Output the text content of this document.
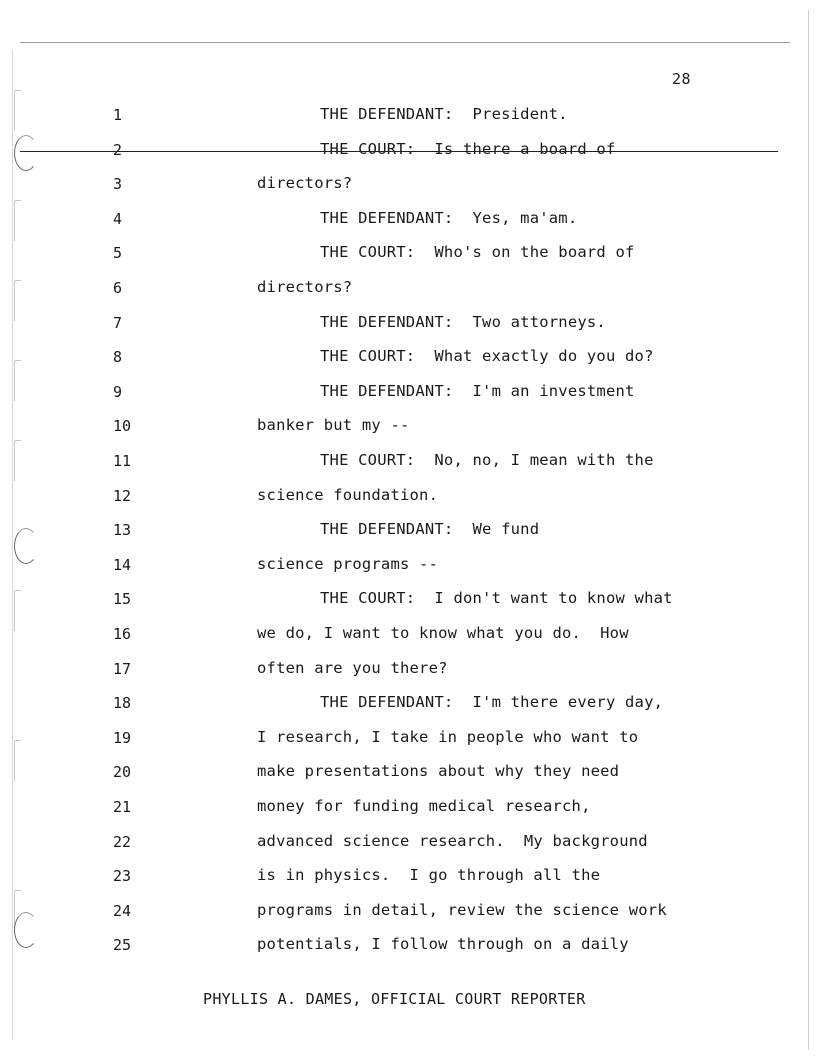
28
1	THE DEFENDANT:  President.
2	THE COURT:  Is there a board of
3	directors?
4	THE DEFENDANT:  Yes, ma'am.
5	THE COURT:  Who's on the board of
6	directors?
7	THE DEFENDANT:  Two attorneys.
8	THE COURT:  What exactly do you do?
9	THE DEFENDANT:  I'm an investment
10	banker but my --
11	THE COURT:  No, no, I mean with the
12	science foundation.
13	THE DEFENDANT:  We fund
14	science programs --
15	THE COURT:  I don't want to know what
16	we do, I want to know what you do.  How
17	often are you there?
18	THE DEFENDANT:  I'm there every day,
19	I research, I take in people who want to
20	make presentations about why they need
21	money for funding medical research,
22	advanced science research.  My background
23	is in physics.  I go through all the
24	programs in detail, review the science work
25	potentials, I follow through on a daily
PHYLLIS A. DAMES, OFFICIAL COURT REPORTER
